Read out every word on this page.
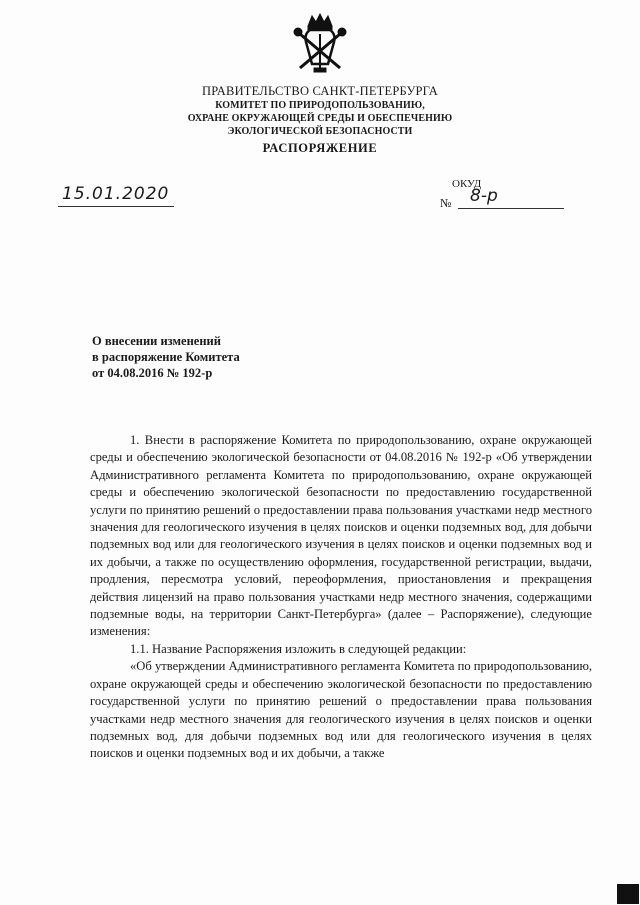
ПРАВИТЕЛЬСТВО САНКТ-ПЕТЕРБУРГА
КОМИТЕТ ПО ПРИРОДОПОЛЬЗОВАНИЮ,
ОХРАНЕ ОКРУЖАЮЩЕЙ СРЕДЫ И ОБЕСПЕЧЕНИЮ
ЭКОЛОГИЧЕСКОЙ БЕЗОПАСНОСТИ
РАСПОРЯЖЕНИЕ
15.01.2020	ОКУД
№ 8-р
О внесении изменений
в распоряжение Комитета
от 04.08.2016 № 192-р

1. Внести в распоряжение Комитета по природопользованию, охране окружающей среды и обеспечению экологической безопасности от 04.08.2016 № 192-р «Об утверждении Административного регламента Комитета по природопользованию, охране окружающей среды и обеспечению экологической безопасности по предоставлению государственной услуги по принятию решений о предоставлении права пользования участками недр местного значения для геологического изучения в целях поисков и оценки подземных вод, для добычи подземных вод или для геологического изучения в целях поисков и оценки подземных вод и их добычи, а также по осуществлению оформления, государственной регистрации, выдачи, продления, пересмотра условий, переоформления, приостановления и прекращения действия лицензий на право пользования участками недр местного значения, содержащими подземные воды, на территории Санкт-Петербурга» (далее – Распоряжение), следующие изменения:

1.1. Название Распоряжения изложить в следующей редакции:

«Об утверждении Административного регламента Комитета по природопользованию, охране окружающей среды и обеспечению экологической безопасности по предоставлению государственной услуги по принятию решений о предоставлении права пользования участками недр местного значения для геологического изучения в целях поисков и оценки подземных вод, для добычи подземных вод или для геологического изучения в целях поисков и оценки подземных вод и их добычи, а также
